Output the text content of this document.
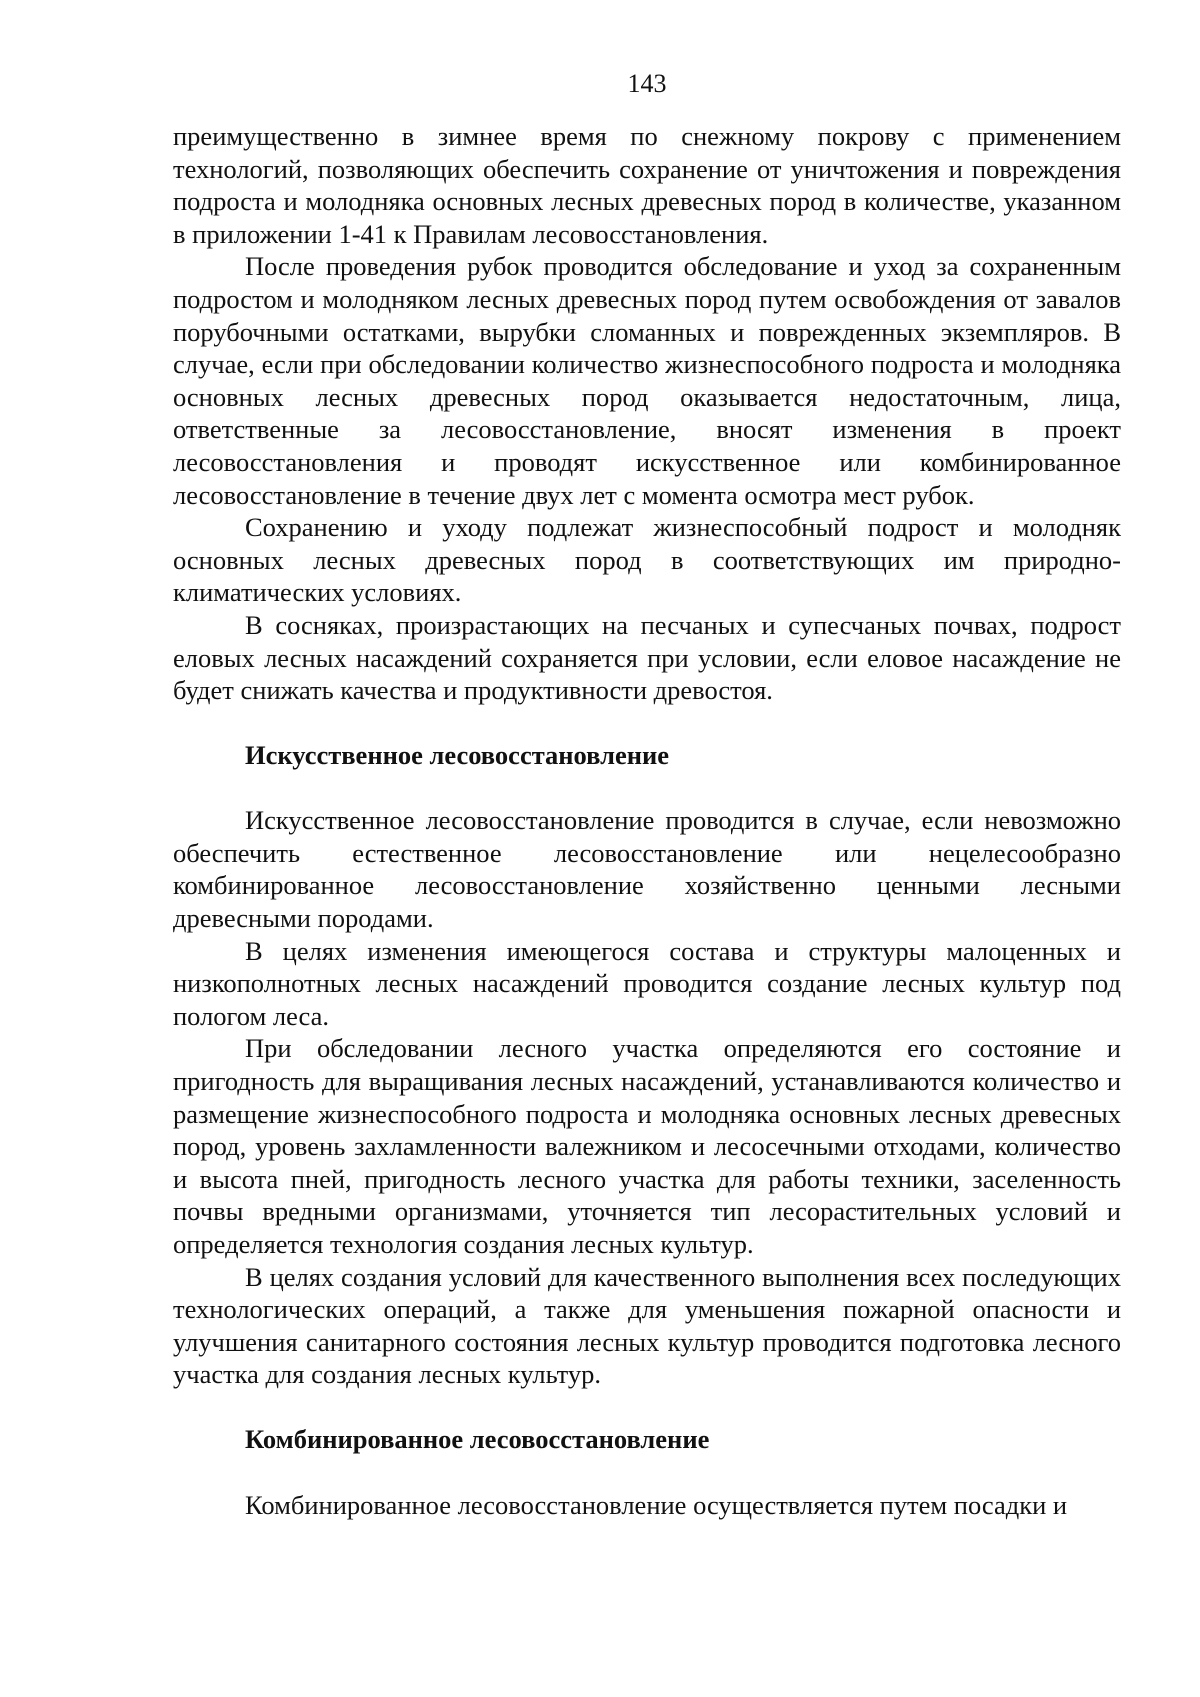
143

преимущественно в зимнее время по снежному покрову с применением технологий, позволяющих обеспечить сохранение от уничтожения и повреждения подроста и молодняка основных лесных древесных пород в количестве, указанном в приложении 1-41 к Правилам лесовосстановления.

После проведения рубок проводится обследование и уход за сохраненным подростом и молодняком лесных древесных пород путем освобождения от завалов порубочными остатками, вырубки сломанных и поврежденных экземпляров. В случае, если при обследовании количество жизнеспособного подроста и молодняка основных лесных древесных пород оказывается недостаточным, лица, ответственные за лесовосстановление, вносят изменения в проект лесовосстановления и проводят искусственное или комбинированное лесовосстановление в течение двух лет с момента осмотра мест рубок.

Сохранению и уходу подлежат жизнеспособный подрост и молодняк основных лесных древесных пород в соответствующих им природно-климатических условиях.

В сосняках, произрастающих на песчаных и супесчаных почвах, подрост еловых лесных насаждений сохраняется при условии, если еловое насаждение не будет снижать качества и продуктивности древостоя.

Искусственное лесовосстановление

Искусственное лесовосстановление проводится в случае, если невозможно обеспечить естественное лесовосстановление или нецелесообразно комбинированное лесовосстановление хозяйственно ценными лесными древесными породами.

В целях изменения имеющегося состава и структуры малоценных и низкополнотных лесных насаждений проводится создание лесных культур под пологом леса.

При обследовании лесного участка определяются его состояние и пригодность для выращивания лесных насаждений, устанавливаются количество и размещение жизнеспособного подроста и молодняка основных лесных древесных пород, уровень захламленности валежником и лесосечными отходами, количество и высота пней, пригодность лесного участка для работы техники, заселенность почвы вредными организмами, уточняется тип лесорастительных условий и определяется технология создания лесных культур.

В целях создания условий для качественного выполнения всех последующих технологических операций, а также для уменьшения пожарной опасности и улучшения санитарного состояния лесных культур проводится подготовка лесного участка для создания лесных культур.

Комбинированное лесовосстановление

Комбинированное лесовосстановление осуществляется путем посадки и
